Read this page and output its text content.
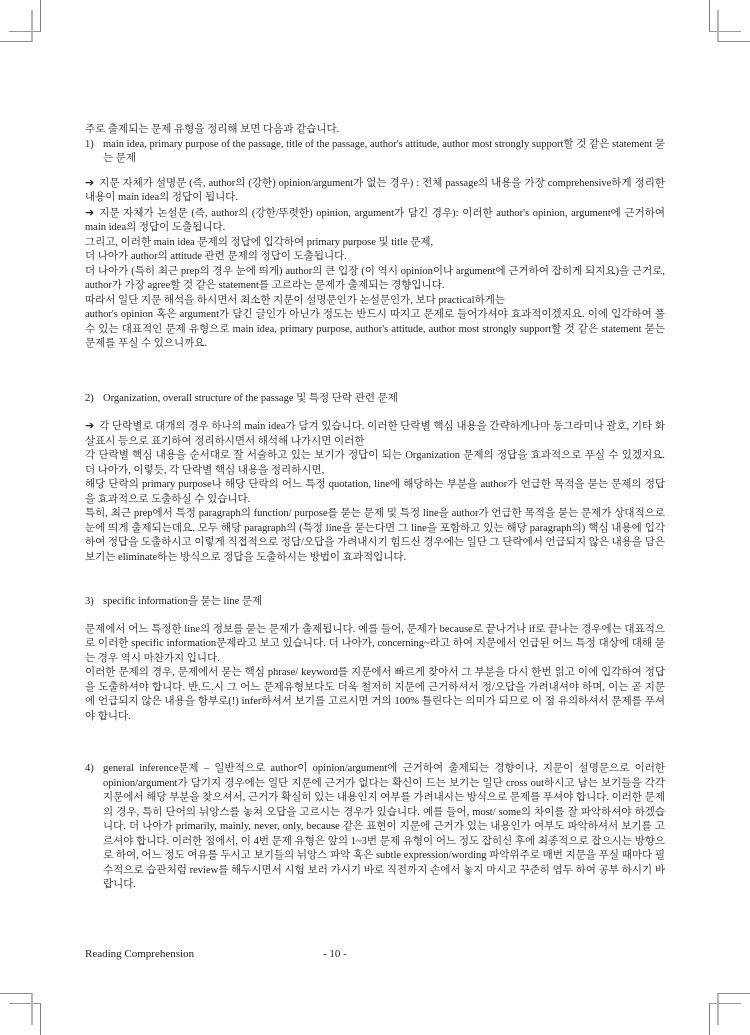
주로 출제되는 문제 유형을 정리해 보면 다음과 같습니다.
1) main idea, primary purpose of the passage, title of the passage, author's attitude, author most strongly support할 것 같은 statement 묻는 문제
➔ 지문 자체가 설명문 (즉, author의 (강한) opinion/argument가 없는 경우) : 전체 passage의 내용을 가장 comprehensive하게 정리한 내용이 main idea의 정답이 됩니다.
➔ 지문 자체가 논설문 (즉, author의 (강한/뚜렷한) opinion, argument가 담긴 경우): 이러한 author's opinion, argument에 근거하여 main idea의 정답이 도출됩니다.
그리고, 이러한 main idea 문제의 정답에 입각하여 primary purpose 및 title 문제,
더 나아가 author의 attitude 관련 문제의 정답이 도출됩니다.
더 나아가 (특히 최근 prep의 경우 눈에 띄게) author의 큰 입장 (이 역시 opinion이나 argument에 근거하여 잡히게 되지요)을 근거로, author가 가장 agree할 것 같은 statement를 고르라는 문제가 출제되는 경향입니다.
따라서 일단 지문 해석을 하시면서 최소한 지문이 설명문인가 논설문인가, 보다 practical하게는
author's opinion 혹은 argument가 담긴 글인가 아닌가 정도는 반드시 따지고 문제로 들어가셔야 효과적이겠지요. 이에 입각하여 풀 수 있는 대표적인 문제 유형으로 main idea, primary purpose, author's attitude, author most strongly support할 것 같은 statement 묻는 문제를 푸실 수 있으니까요.
2) Organization, overall structure of the passage 및 특정 단락 관련 문제
➔ 각 단락별로 대개의 경우 하나의 main idea가 담겨 있습니다. 이러한 단락별 핵심 내용을 간략하게나마 동그라미나 괄호, 기타 화살표시 등으로 표기하여 정리하시면서 해석해 나가시면 이러한
각 단락별 핵심 내용을 순서대로 잘 서술하고 있는 보기가 정답이 되는 Organization 문제의 정답을 효과적으로 푸실 수 있겠지요. 더 나아가, 이렇듯, 각 단락별 핵심 내용을 정리하시면,
해당 단락의 primary purpose나 해당 단락의 어느 특정 quotation, line에 해당하는 부분을 author가 언급한 목적을 묻는 문제의 정답을 효과적으로 도출하실 수 있습니다.
특히, 최근 prep에서 특정 paragraph의 function/ purpose를 묻는 문제 및 특정 line을 author가 언급한 목적을 묻는 문제가 상대적으로 눈에 띄게 출제되는데요. 모두 해당 paragraph의 (특정 line을 묻는다면 그 line을 포함하고 있는 해당 paragraph의) 핵심 내용에 입각하여 정답을 도출하시고 이렇게 직접적으로 정답/오답을 가려내시기 힘드신 경우에는 일단 그 단락에서 언급되지 않은 내용을 담은 보기는 eliminate하는 방식으로 정답을 도출하시는 방법이 효과적입니다.
3) specific information을 묻는 line 문제
문제에서 어느 특정한 line의 정보를 묻는 문제가 출제됩니다. 예를 들어, 문제가 because로 끝나거나 if로 끝나는 경우에는 대표적으로 이러한 specific information문제라고 보고 있습니다. 더 나아가, concerning~라고 하여 지문에서 언급된 어느 특정 대상에 대해 묻는 경우 역시 마찬가지 입니다.
이러한 문제의 경우, 문제에서 묻는 핵심 phrase/ keyword를 지문에서 빠르게 찾아서 그 부분을 다시 한번 읽고 이에 입각하여 정답을 도출하셔야 합니다. 반.드.시 그 어느 문제유형보다도 더욱 철저히 지문에 근거하셔서 정/오답을 가려내셔야 하며, 이는 곧 지문에 언급되지 않은 내용을 함부로(!) infer하셔서 보기를 고르시면 거의 100% 틀린다는 의미가 되므로 이 점 유의하셔서 문제를 푸셔야 합니다.
4) general inference문제 – 일반적으로 author이 opinion/argument에 근거하여 출제되는 경향이나, 지문이 설명문으로 이러한 opinion/argument가 담기지 경우에는 일단 지문에 근거가 없다는 확신이 드는 보기는 일단 cross out하시고 남는 보기들을 각각 지문에서 해당 부분을 찾으셔서, 근거가 확실히 있는 내용인지 여부를 가려내시는 방식으로 문제를 푸셔야 합니다. 이러한 문제의 경우, 특히 단어의 뉘앙스를 놓쳐 오답을 고르시는 경우가 있습니다. 예를 들어, most/ some의 차이를 잘 파악하셔야 하겠습니다. 더 나아가 primarily, mainly, never, only, because 같은 표현이 지문에 근거가 있는 내용인가 여부도 파악하셔서 보기를 고르셔야 합니다. 이러한 점에서, 이 4번 문제 유형은 앞의 1~3번 문제 유형이 어느 정도 잡히신 후에 최종적으로 잡으시는 방향으로 하여, 어느 정도 여유를 두시고 보기들의 뉘앙스 파악 혹은 subtle expression/wording 파악위주로 매번 지문을 푸실 때마다 필수적으로 습관처럼 review를 해두시면서 시험 보러 가시기 바로 직전까지 손에서 놓지 마시고 꾸준히 염두 하여 공부 하시기 바랍니다.
Reading Comprehension	- 10 -
